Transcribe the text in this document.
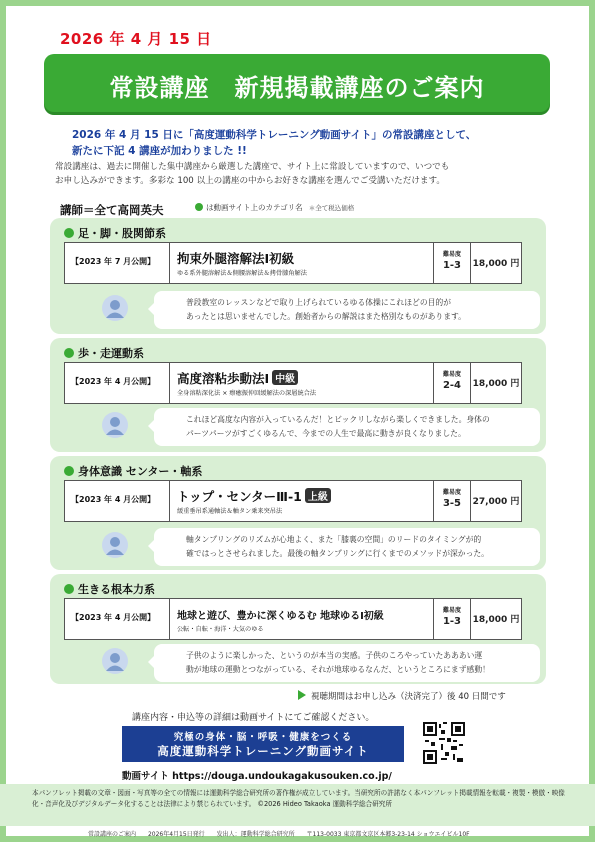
2026 年 4 月 15 日
常設講座　新規掲載講座のご案内
2026 年 4 月 15 日に「高度運動科学トレーニング動画サイト」の常設講座として、
新たに下記 4 講座が加わりました !!
常設講座は、過去に開催した集中講座から厳選した講座で、サイト上に常設していますので、いつでも
お申し込みができます。多彩な 100 以上の講座の中からお好きな講座を選んでご受講いただけます。
講師＝全て高岡英夫	は動画サイト上のカテゴリ名 ＊全て税込価格
足・脚・股関節系
【2023 年 7 月公開】 拘束外腿溶解法Ⅰ初級
ゆる系外腿溶解法＆側腰溶解法＆拷骨膝角解法
難易度
1-3	18,000 円
普段教室のレッスンなどで取り上げられているゆる体操にこれほどの目的が
あったとは思いませんでした。創始者からの解説はまた格別なものがあります。
歩・走運動系
【2023 年 4 月公開】 高度溶粘歩動法Ⅰ 中級
全身溶粘深化法 × 瘵癒振仲回緩解法の深層統合法
難易度
2-4	18,000 円
これほど高度な内容が入っているんだ！とビックリしながら楽しくできました。身体の
パーツパーツがすごくゆるんで、今までの人生で最高に動きが良くなりました。
身体意識 センター・軸系
【2023 年 4 月公開】 トップ・センターⅢ-1 上級
緩重垂吊系通軸法＆軸タン乗来突吊法
難易度
3-5	27,000 円
軸タンプリングのリズムが心地よく、また「膝裏の空間」のリードのタイミングが的
確ではっとさせられました。最後の軸タンプリングに行くまでのメソッドが深かった。
生きる根本力系
【2023 年 4 月公開】 地球と遊び、豊かに深くゆるむ 地球ゆるⅠ初級
公転・自転・海洋・大気のゆる
難易度
1-3	18,000 円
子供のように楽しかった、というのが本当の実感。子供のころやっていたあああい運
動が地球の運動とつながっている、それが地球ゆるなんだ、というところにまず感動！
視聴期間はお申し込み（決済完了）後 40 日間です
講座内容・申込等の詳細は動画サイトにてご確認ください。
究極の身体・脳・呼吸・健康をつくる
高度運動科学トレーニング動画サイト
動画サイト https://douga.undoukagakusouken.co.jp/
本パンフレット掲載の文章・図面・写真等の全ての情報には運動科学総合研究所の著作権が成立しています。当研究所の許諾なく本パンフレット掲載情報を転載・複製・模倣・映像化・音声化及びデジタルデータ化することは法律により禁じられています。 ©2026 Hideo Takaoka 運動科学総合研究所
常設講座のご案内 2026年4月15日発行 发出人：運動科学総合研究所 〒113-0033 東京都文京区本郷3-23-14 ショウエイビル10F
